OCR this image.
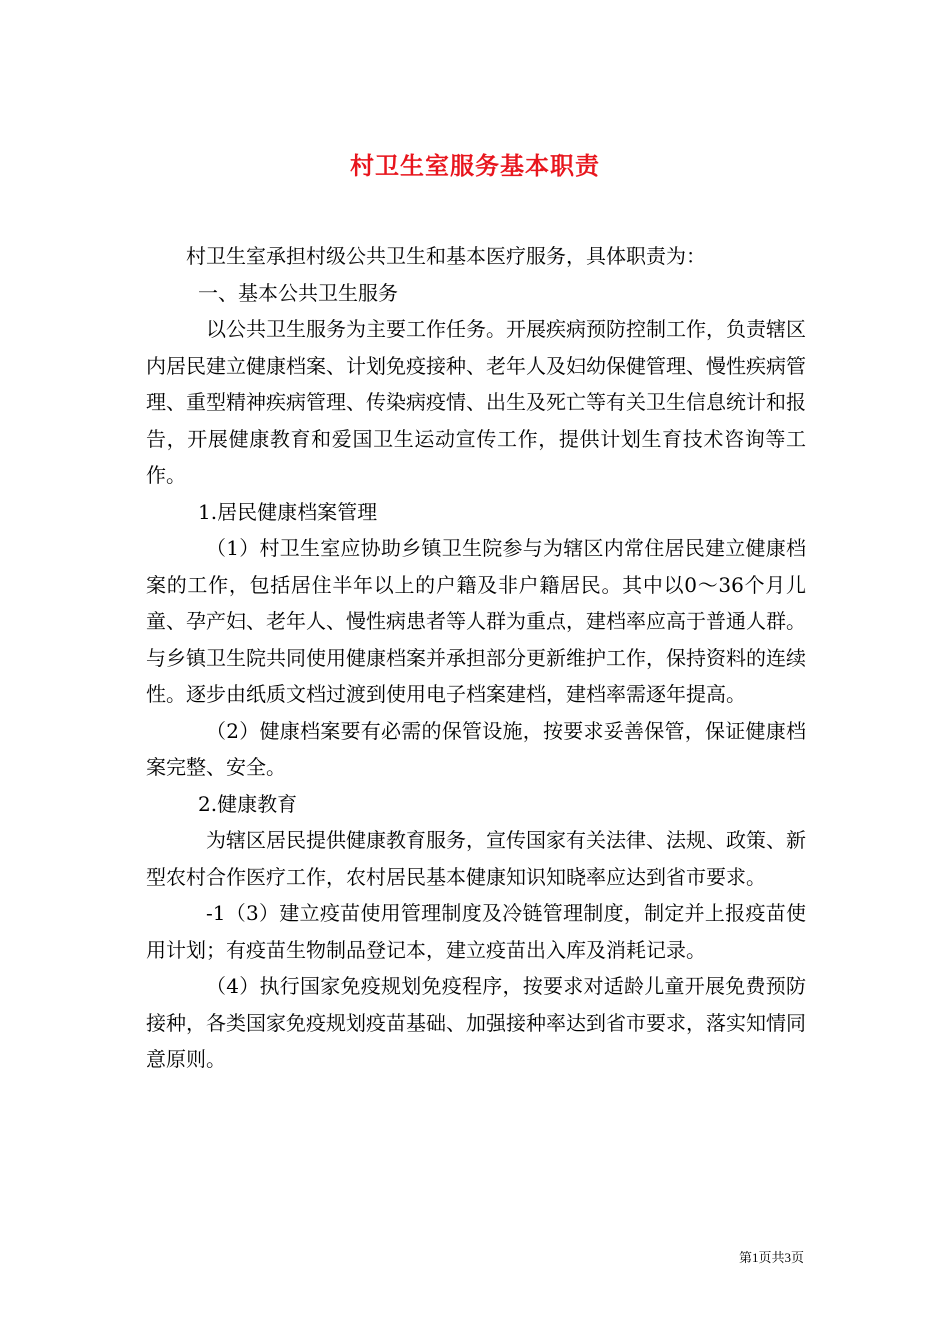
村卫生室服务基本职责

村卫生室承担村级公共卫生和基本医疗服务，具体职责为：

一、基本公共卫生服务

以公共卫生服务为主要工作任务。开展疾病预防控制工作，负责辖区内居民建立健康档案、计划免疫接种、老年人及妇幼保健管理、慢性疾病管理、重型精神疾病管理、传染病疫情、出生及死亡等有关卫生信息统计和报告，开展健康教育和爱国卫生运动宣传工作，提供计划生育技术咨询等工作。

1.居民健康档案管理

（1）村卫生室应协助乡镇卫生院参与为辖区内常住居民建立健康档案的工作，包括居住半年以上的户籍及非户籍居民。其中以0～36个月儿童、孕产妇、老年人、慢性病患者等人群为重点，建档率应高于普通人群。与乡镇卫生院共同使用健康档案并承担部分更新维护工作，保持资料的连续性。逐步由纸质文档过渡到使用电子档案建档，建档率需逐年提高。

（2）健康档案要有必需的保管设施，按要求妥善保管，保证健康档案完整、安全。

2.健康教育

为辖区居民提供健康教育服务，宣传国家有关法律、法规、政策、新型农村合作医疗工作，农村居民基本健康知识知晓率应达到省市要求。

-1（3）建立疫苗使用管理制度及冷链管理制度，制定并上报疫苗使用计划；有疫苗生物制品登记本，建立疫苗出入库及消耗记录。

（4）执行国家免疫规划免疫程序，按要求对适龄儿童开展免费预防接种，各类国家免疫规划疫苗基础、加强接种率达到省市要求，落实知情同意原则。

第1页共3页
